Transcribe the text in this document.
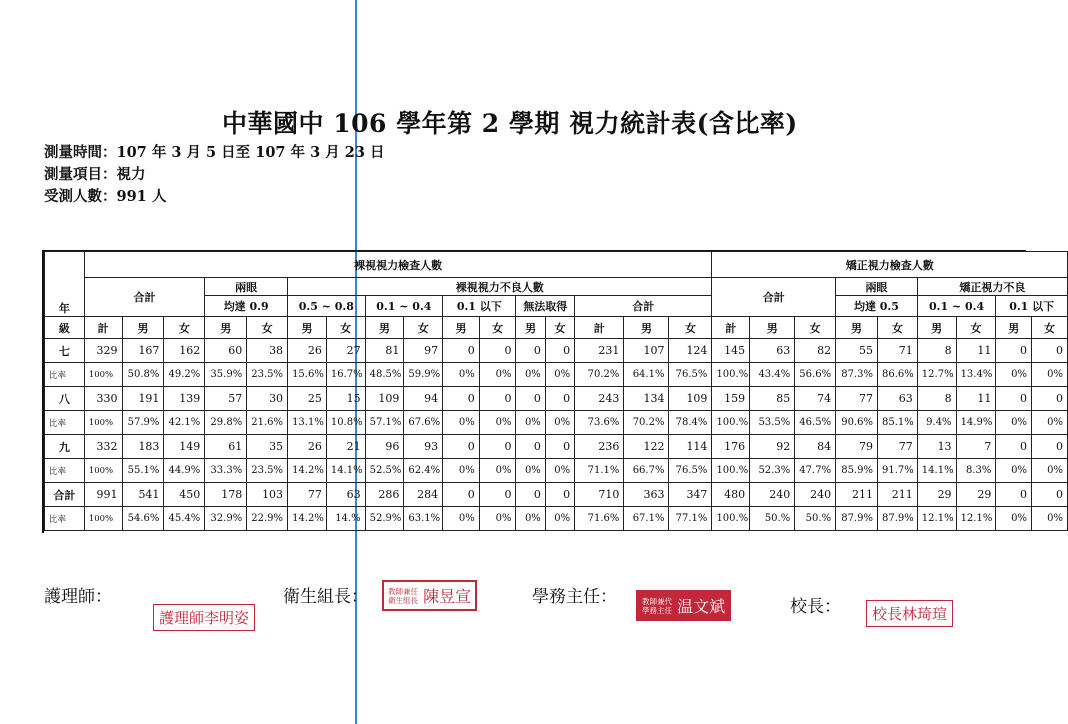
中華國中 106 學年第 2 學期 視力統計表(含比率)
測量時間：107 年 3 月 5 日至 107 年 3 月 23 日
測量項目：視力
受測人數：991 人
年	裸視視力檢查人數																矯正視力檢查人數								
	合計			兩眼		裸視視力不良人數											合計			兩眼		矯正視力不良			
				均達 0.9		0.5 ~ 0.8		0.1 ~ 0.4		0.1 以下		無法取得		合計						均達 0.5		0.1 ~ 0.4		0.1 以下	
級	計	男	女	男	女	男	女	男	女	男	女	男	女	計	男	女	計	男	女	男	女	男	女	男	女
七	329	167	162	60	38	26	27	81	97	0	0	0	0	231	107	124	145	63	82	55	71	8	11	0	0
比率	100%	50.8%	49.2%	35.9%	23.5%	15.6%	16.7%	48.5%	59.9%	0%	0%	0%	0%	70.2%	64.1%	76.5%	100.%	43.4%	56.6%	87.3%	86.6%	12.7%	13.4%	0%	0%
八	330	191	139	57	30	25	15	109	94	0	0	0	0	243	134	109	159	85	74	77	63	8	11	0	0
比率	100%	57.9%	42.1%	29.8%	21.6%	13.1%	10.8%	57.1%	67.6%	0%	0%	0%	0%	73.6%	70.2%	78.4%	100.%	53.5%	46.5%	90.6%	85.1%	9.4%	14.9%	0%	0%
九	332	183	149	61	35	26	21	96	93	0	0	0	0	236	122	114	176	92	84	79	77	13	7	0	0
比率	100%	55.1%	44.9%	33.3%	23.5%	14.2%	14.1%	52.5%	62.4%	0%	0%	0%	0%	71.1%	66.7%	76.5%	100.%	52.3%	47.7%	85.9%	91.7%	14.1%	8.3%	0%	0%
合計	991	541	450	178	103	77	63	286	284	0	0	0	0	710	363	347	480	240	240	211	211	29	29	0	0
比率	100%	54.6%	45.4%	32.9%	22.9%	14.2%	14.%	52.9%	63.1%	0%	0%	0%	0%	71.6%	67.1%	77.1%	100.%	50.%	50.%	87.9%	87.9%	12.1%	12.1%	0%	0%
護理師：
護理師李明姿
衛生組長：	教師兼任
衛生組長 陳昱宣	學務主任：	教師兼代
學務主任 温文斌	校長：	校長林琦瑄
